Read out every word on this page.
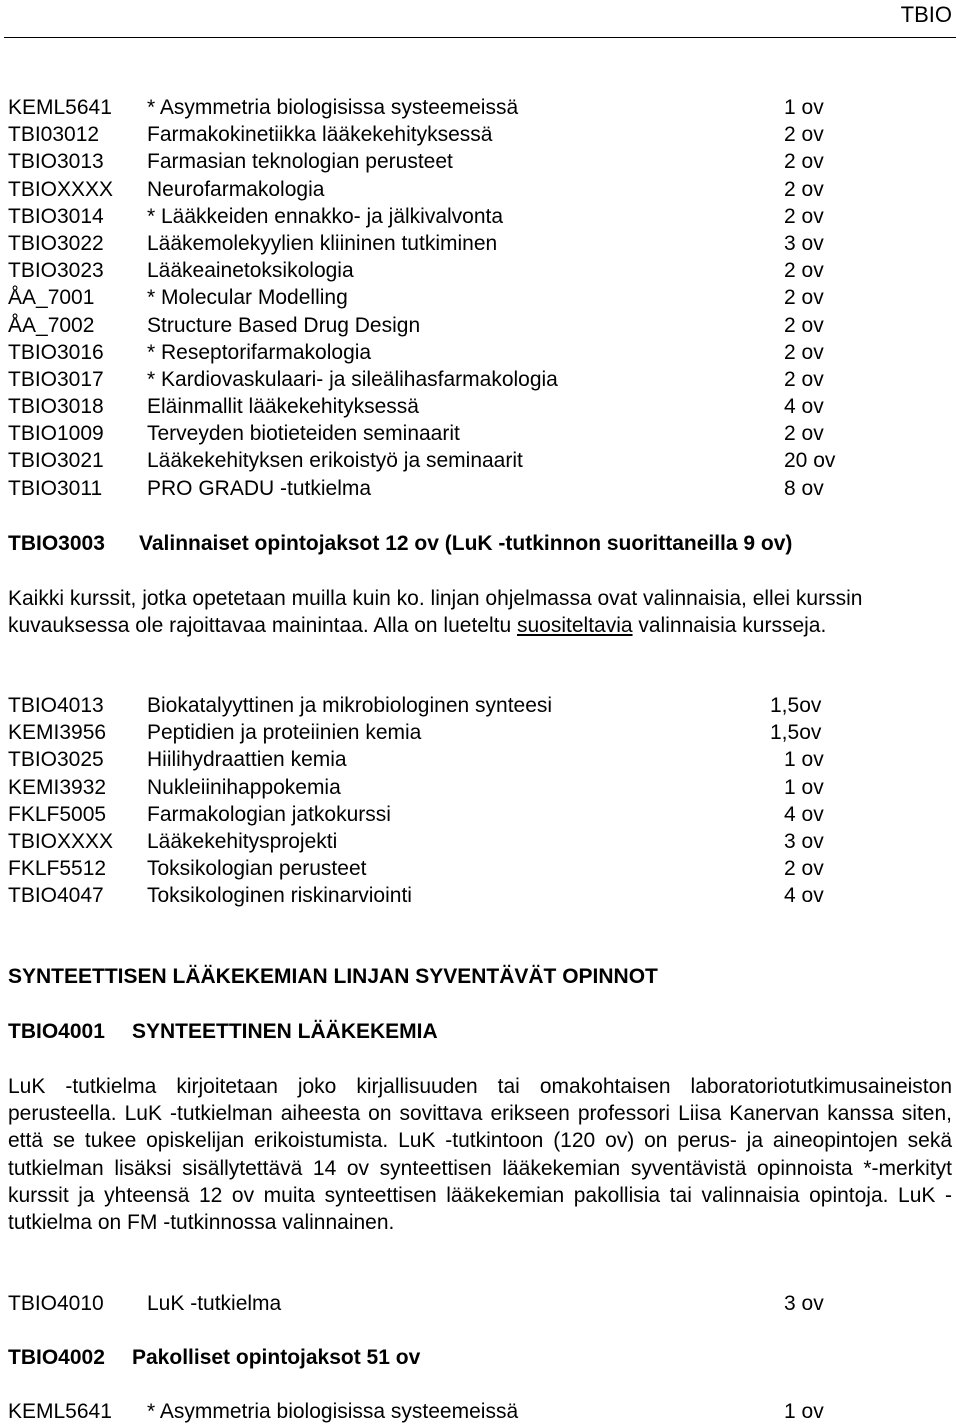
TBIO
KEML5641 * Asymmetria biologisissa systeemeissä	1 ov
TBI03012 Farmakokinetiikka lääkekehityksessä	2 ov
TBIO3013 Farmasian teknologian perusteet	2 ov
TBIOXXXX Neurofarmakologia	2 ov
TBIO3014 * Lääkkeiden ennakko- ja jälkivalvonta	2 ov
TBIO3022 Lääkemolekyylien kliininen tutkiminen	3 ov
TBIO3023 Lääkeainetoksikologia	2 ov
ÅA_7001	* Molecular Modelling	2 ov
ÅA_7002	Structure Based Drug Design	2 ov
TBIO3016 * Reseptorifarmakologia	2 ov
TBIO3017 * Kardiovaskulaari- ja sileälihasfarmakologia	2 ov
TBIO3018 Eläinmallit lääkekehityksessä	4 ov
TBIO1009 Terveyden biotieteiden seminaarit	2 ov
TBIO3021 Lääkekehityksen erikoistyö ja seminaarit	20 ov
TBIO3011 PRO GRADU -tutkielma	8 ov
TBIO3003 Valinnaiset opintojaksot 12 ov (LuK -tutkinnon suorittaneilla 9 ov)
Kaikki kurssit, jotka opetetaan muilla kuin ko. linjan ohjelmassa ovat valinnaisia, ellei kurssin kuvauksessa ole rajoittavaa mainintaa. Alla on lueteltu suositeltavia valinnaisia kursseja.
TBIO4013 Biokatalyyttinen ja mikrobiologinen synteesi	1,5ov
KEMI3956 Peptidien ja proteiinien kemia	1,5ov
TBIO3025 Hiilihydraattien kemia	1 ov
KEMI3932 Nukleiinihappokemia	1 ov
FKLF5005 Farmakologian jatkokurssi	4 ov
TBIOXXXX Lääkekehitysprojekti	3 ov
FKLF5512 Toksikologian perusteet	2 ov
TBIO4047 Toksikologinen riskinarviointi	4 ov
SYNTEETTISEN LÄÄKEKEMIAN LINJAN SYVENTÄVÄT OPINNOT
TBIO4001 SYNTEETTINEN LÄÄKEKEMIA
LuK -tutkielma kirjoitetaan joko kirjallisuuden tai omakohtaisen laboratoriotutkimusaineiston perusteella. LuK -tutkielman aiheesta on sovittava erikseen professori Liisa Kanervan kanssa siten, että se tukee opiskelijan erikoistumista. LuK -tutkintoon (120 ov) on perus- ja aineopintojen sekä tutkielman lisäksi sisällytettävä 14 ov synteettisen lääkekemian syventävistä opinnoista *-merkityt kurssit ja yhteensä 12 ov muita synteettisen lääkekemian pakollisia tai valinnaisia opintoja. LuK -tutkielma on FM -tutkinnossa valinnainen.
TBIO4010 LuK -tutkielma	3 ov
TBIO4002 Pakolliset opintojaksot 51 ov
KEML5641 * Asymmetria biologisissa systeemeissä	1 ov
